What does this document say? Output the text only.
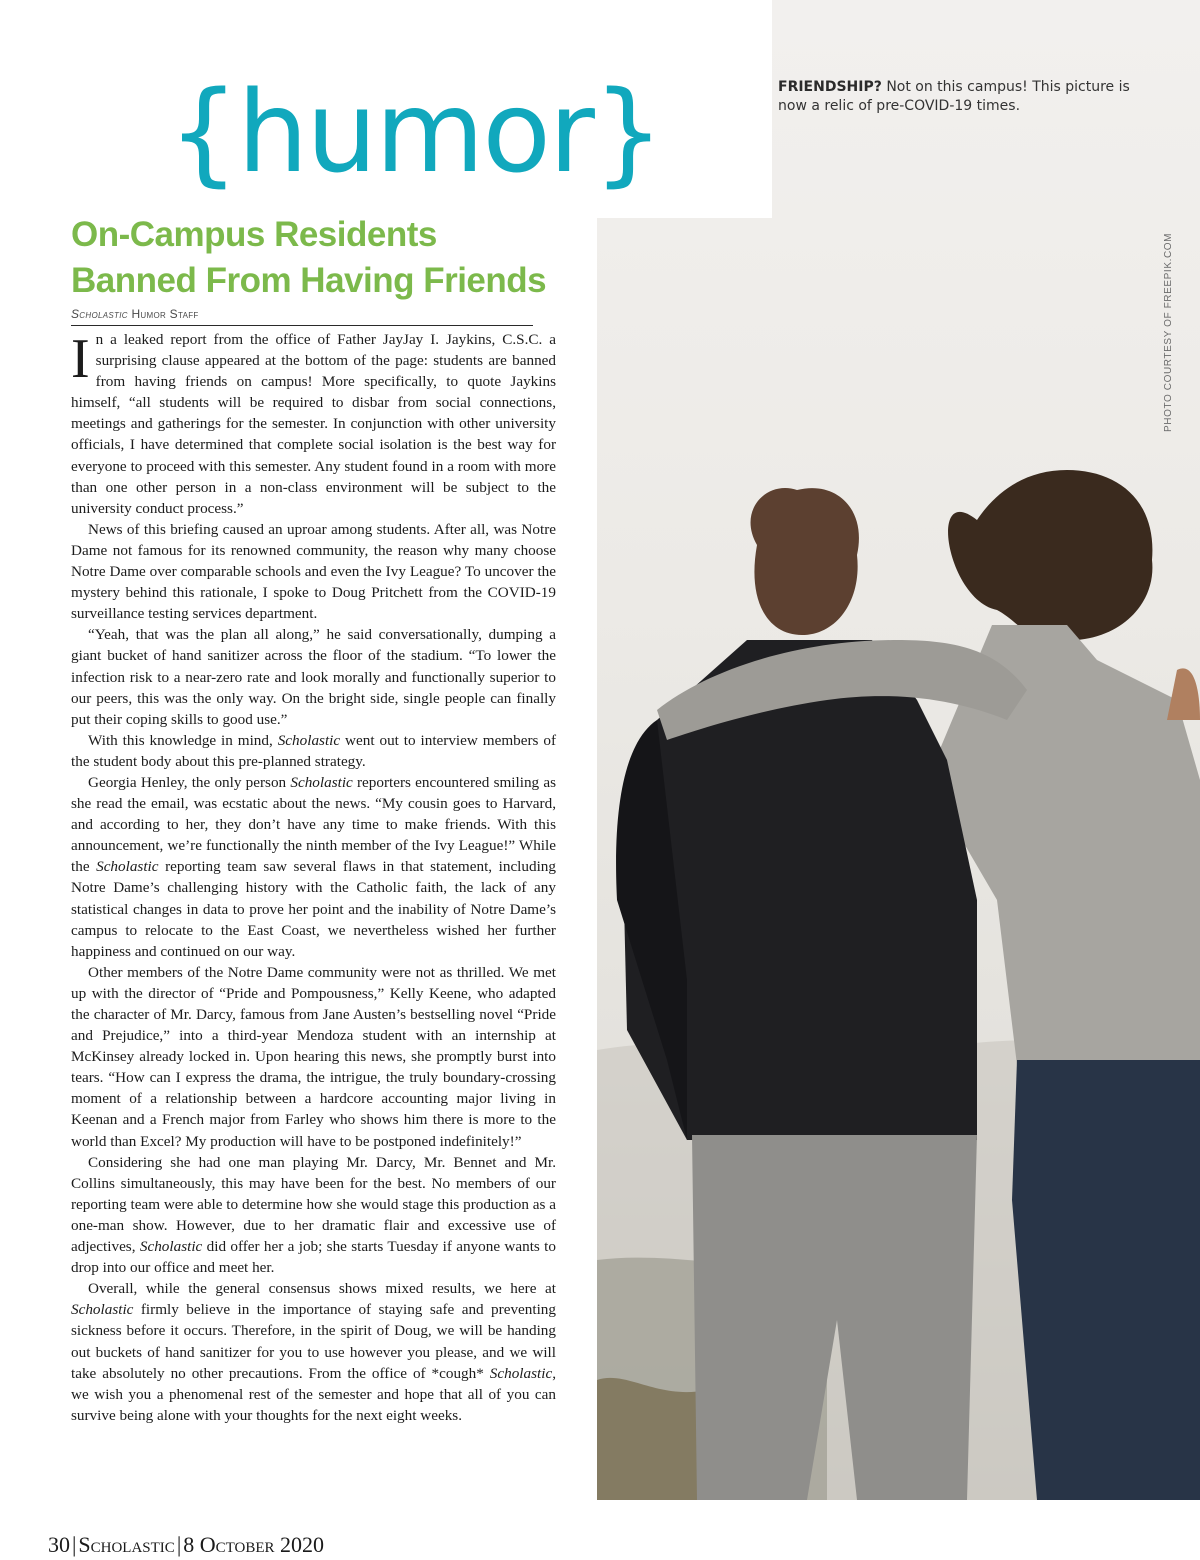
PHOTO COURTESY OF FREEPIK.COM
FRIENDSHIP? Not on this campus! This picture is now a relic of pre-COVID-19 times.
{humor}
On-Campus Residents
Banned From Having Friends
Scholastic Humor Staff

In a leaked report from the office of Father JayJay I. Jaykins, C.S.C. a surprising clause appeared at the bottom of the page: students are banned from having friends on campus! More specifically, to quote Jaykins himself, “all students will be required to disbar from social connections, meetings and gatherings for the semester. In conjunction with other university officials, I have determined that complete social isolation is the best way for everyone to proceed with this semester. Any student found in a room with more than one other person in a non-class environment will be subject to the university conduct process.”

News of this briefing caused an uproar among students. After all, was Notre Dame not famous for its renowned community, the reason why many choose Notre Dame over comparable schools and even the Ivy League? To uncover the mystery behind this rationale, I spoke to Doug Pritchett from the COVID-19 surveillance testing services department.

“Yeah, that was the plan all along,” he said conversationally, dumping a giant bucket of hand sanitizer across the floor of the stadium. “To lower the infection risk to a near-zero rate and look morally and functionally superior to our peers, this was the only way. On the bright side, single people can finally put their coping skills to good use.”

With this knowledge in mind, Scholastic went out to interview members of the student body about this pre-planned strategy.

Georgia Henley, the only person Scholastic reporters encountered smiling as she read the email, was ecstatic about the news. “My cousin goes to Harvard, and according to her, they don’t have any time to make friends. With this announcement, we’re functionally the ninth member of the Ivy League!” While the Scholastic reporting team saw several flaws in that statement, including Notre Dame’s challenging history with the Catholic faith, the lack of any statistical changes in data to prove her point and the inability of Notre Dame’s campus to relocate to the East Coast, we nevertheless wished her further happiness and continued on our way.

Other members of the Notre Dame community were not as thrilled. We met up with the director of “Pride and Pompousness,” Kelly Keene, who adapted the character of Mr. Darcy, famous from Jane Austen’s bestselling novel “Pride and Prejudice,” into a third-year Mendoza student with an internship at McKinsey already locked in. Upon hearing this news, she promptly burst into tears. “How can I express the drama, the intrigue, the truly boundary-crossing moment of a relationship between a hardcore accounting major living in Keenan and a French major from Farley who shows him there is more to the world than Excel? My production will have to be postponed indefinitely!”

Considering she had one man playing Mr. Darcy, Mr. Bennet and Mr. Collins simultaneously, this may have been for the best. No members of our reporting team were able to determine how she would stage this production as a one-man show. However, due to her dramatic flair and excessive use of adjectives, Scholastic did offer her a job; she starts Tuesday if anyone wants to drop into our office and meet her.

Overall, while the general consensus shows mixed results, we here at Scholastic firmly believe in the importance of staying safe and preventing sickness before it occurs. Therefore, in the spirit of Doug, we will be handing out buckets of hand sanitizer for you to use however you please, and we will take absolutely no other precautions. From the office of *cough* Scholastic, we wish you a phenomenal rest of the semester and hope that all of you can survive being alone with your thoughts for the next eight weeks.

30|Scholastic|8 October 2020
